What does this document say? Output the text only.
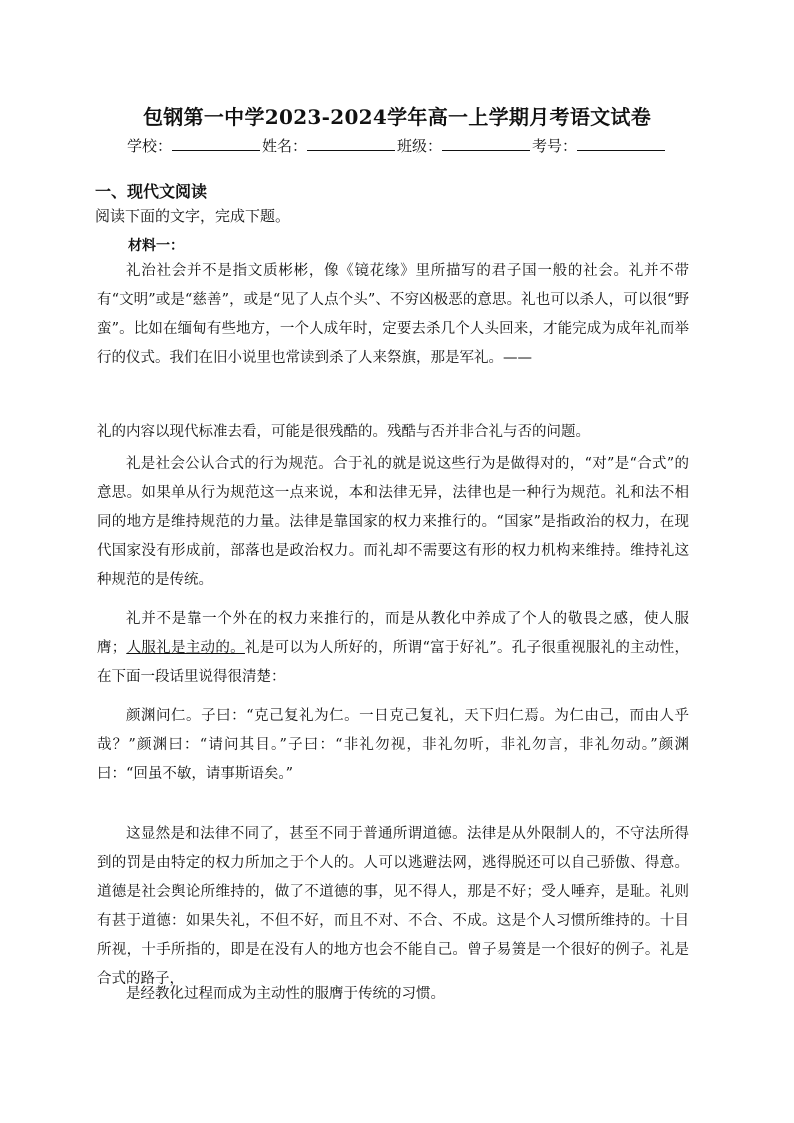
包钢第一中学2023-2024学年高一上学期月考语文试卷
学校：	姓名：	班级：	考号：
一、现代文阅读
阅读下面的文字，完成下题。
材料一：

礼治社会并不是指文质彬彬，像《镜花缘》里所描写的君子国一般的社会。礼并不带有“文明”或是“慈善”，或是“见了人点个头”、不穷凶极恶的意思。礼也可以杀人，可以很“野蛮”。比如在缅甸有些地方，一个人成年时，定要去杀几个人头回来，才能完成为成年礼而举行的仪式。我们在旧小说里也常读到杀了人来祭旗，那是军礼。——

礼的内容以现代标准去看，可能是很残酷的。残酷与否并非合礼与否的问题。

礼是社会公认合式的行为规范。合于礼的就是说这些行为是做得对的，“对”是“合式”的意思。如果单从行为规范这一点来说，本和法律无异，法律也是一种行为规范。礼和法不相同的地方是维持规范的力量。法律是靠国家的权力来推行的。“国家”是指政治的权力，在现代国家没有形成前，部落也是政治权力。而礼却不需要这有形的权力机构来维持。维持礼这种规范的是传统。

礼并不是靠一个外在的权力来推行的，而是从教化中养成了个人的敬畏之感，使人服膺；人服礼是主动的。礼是可以为人所好的，所谓“富于好礼”。孔子很重视服礼的主动性，在下面一段话里说得很清楚：

颜渊问仁。子曰：“克己复礼为仁。一日克己复礼，天下归仁焉。为仁由己，而由人乎哉？”颜渊曰：“请问其目。”子曰：“非礼勿视，非礼勿听，非礼勿言，非礼勿动。”颜渊曰：“回虽不敏，请事斯语矣。”

这显然是和法律不同了，甚至不同于普通所谓道德。法律是从外限制人的，不守法所得到的罚是由特定的权力所加之于个人的。人可以逃避法网，逃得脱还可以自己骄傲、得意。道德是社会舆论所维持的，做了不道德的事，见不得人，那是不好；受人唾弃，是耻。礼则有甚于道德：如果失礼，不但不好，而且不对、不合、不成。这是个人习惯所维持的。十目所视，十手所指的，即是在没有人的地方也会不能自己。曾子易箦是一个很好的例子。礼是合式的路子，

是经教化过程而成为主动性的服膺于传统的习惯。
